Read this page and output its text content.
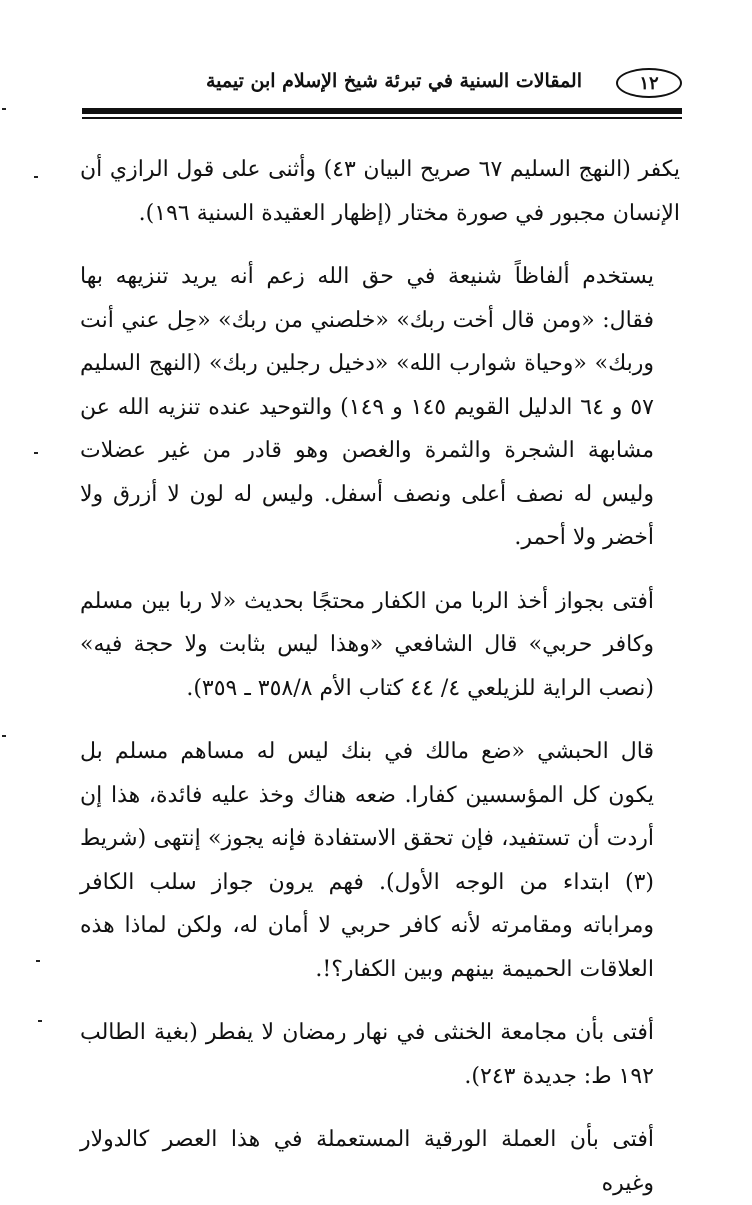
١٢
المقالات السنية في تبرئة شيخ الإسلام ابن تيمية

يكفر (النهج السليم ٦٧ صريح البيان ٤٣) وأثنى على قول الرازي أن الإنسان مجبور في صورة مختار (إظهار العقيدة السنية ١٩٦).

يستخدم ألفاظاً شنيعة في حق الله زعم أنه يريد تنزيهه بها فقال: «ومن قال أخت ربك» «خلصني من ربك» «حِل عني أنت وربك» «وحياة شوارب الله» «دخيل رجلين ربك» (النهج السليم ٥٧ و ٦٤ الدليل القويم ١٤٥ و ١٤٩) والتوحيد عنده تنزيه الله عن مشابهة الشجرة والثمرة والغصن وهو قادر من غير عضلات وليس له نصف أعلى ونصف أسفل. وليس له لون لا أزرق ولا أخضر ولا أحمر.

أفتى بجواز أخذ الربا من الكفار محتجًا بحديث «لا ربا بين مسلم وكافر حربي» قال الشافعي «وهذا ليس بثابت ولا حجة فيه» (نصب الراية للزيلعي ٤/ ٤٤ كتاب الأم ٣٥٨/٨ ـ ٣٥٩).

قال الحبشي «ضع مالك في بنك ليس له مساهم مسلم بل يكون كل المؤسسين كفارا. ضعه هناك وخذ عليه فائدة، هذا إن أردت أن تستفيد، فإن تحقق الاستفادة فإنه يجوز» إنتهى (شريط (٣) ابتداء من الوجه الأول). فهم يرون جواز سلب الكافر ومراباته ومقامرته لأنه كافر حربي لا أمان له، ولكن لماذا هذه العلاقات الحميمة بينهم وبين الكفار؟!.

أفتى بأن مجامعة الخنثى في نهار رمضان لا يفطر (بغية الطالب ١٩٢ ط: جديدة ٢٤٣).

أفتى بأن العملة الورقية المستعملة في هذا العصر كالدولار وغيره
